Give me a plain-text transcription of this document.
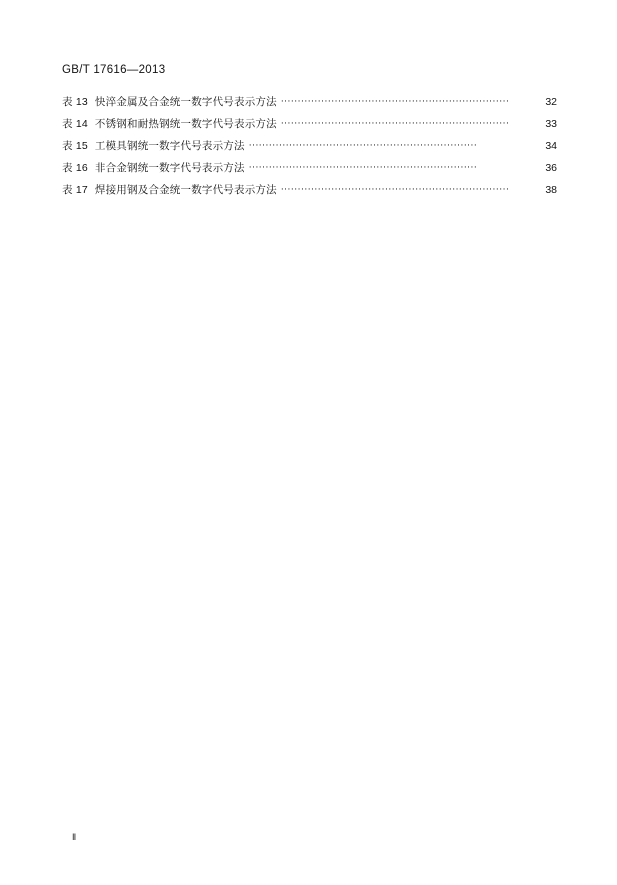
GB/T 17616—2013
表 13 快淬金属及合金统一数字代号表示方法 ····································································	32
表 14 不锈钢和耐热钢统一数字代号表示方法 ····································································	33
表 15 工模具钢统一数字代号表示方法 ····································································	34
表 16 非合金钢统一数字代号表示方法 ····································································	36
表 17 焊接用钢及合金统一数字代号表示方法 ····································································	38
Ⅱ
